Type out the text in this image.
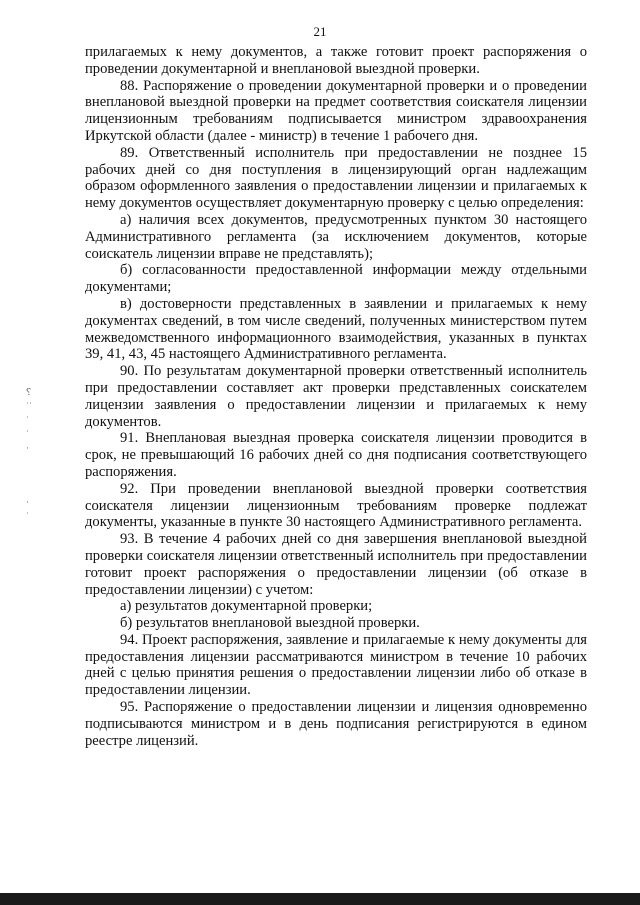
21
⸮
˙˙
˙
˙
·
·
˙

прилагаемых к нему документов, а также готовит проект распоряжения о проведении документарной и внеплановой выездной проверки.

88. Распоряжение о проведении документарной проверки и о проведении внеплановой выездной проверки на предмет соответствия соискателя лицензии лицензионным требованиям подписывается министром здравоохранения Иркутской области (далее - министр) в течение 1 рабочего дня.

89. Ответственный исполнитель при предоставлении не позднее 15 рабочих дней со дня поступления в лицензирующий орган надлежащим образом оформленного заявления о предоставлении лицензии и прилагаемых к нему документов осуществляет документарную проверку с целью определения:

а) наличия всех документов, предусмотренных пунктом 30 настоящего Административного регламента (за исключением документов, которые соискатель лицензии вправе не представлять);

б) согласованности предоставленной информации между отдельными документами;

в) достоверности представленных в заявлении и прилагаемых к нему документах сведений, в том числе сведений, полученных министерством путем межведомственного информационного взаимодействия, указанных в пунктах 39, 41, 43, 45 настоящего Административного регламента.

90. По результатам документарной проверки ответственный исполнитель при предоставлении составляет акт проверки представленных соискателем лицензии заявления о предоставлении лицензии и прилагаемых к нему документов.

91. Внеплановая выездная проверка соискателя лицензии проводится в срок, не превышающий 16 рабочих дней со дня подписания соответствующего распоряжения.

92. При проведении внеплановой выездной проверки соответствия соискателя лицензии лицензионным требованиям проверке подлежат документы, указанные в пункте 30 настоящего Административного регламента.

93. В течение 4 рабочих дней со дня завершения внеплановой выездной проверки соискателя лицензии ответственный исполнитель при предоставлении готовит проект распоряжения о предоставлении лицензии (об отказе в предоставлении лицензии) с учетом:

а) результатов документарной проверки;

б) результатов внеплановой выездной проверки.

94. Проект распоряжения, заявление и прилагаемые к нему документы для предоставления лицензии рассматриваются министром в течение 10 рабочих дней с целью принятия решения о предоставлении лицензии либо об отказе в предоставлении лицензии.

95. Распоряжение о предоставлении лицензии и лицензия одновременно подписываются министром и в день подписания регистрируются в едином реестре лицензий.
